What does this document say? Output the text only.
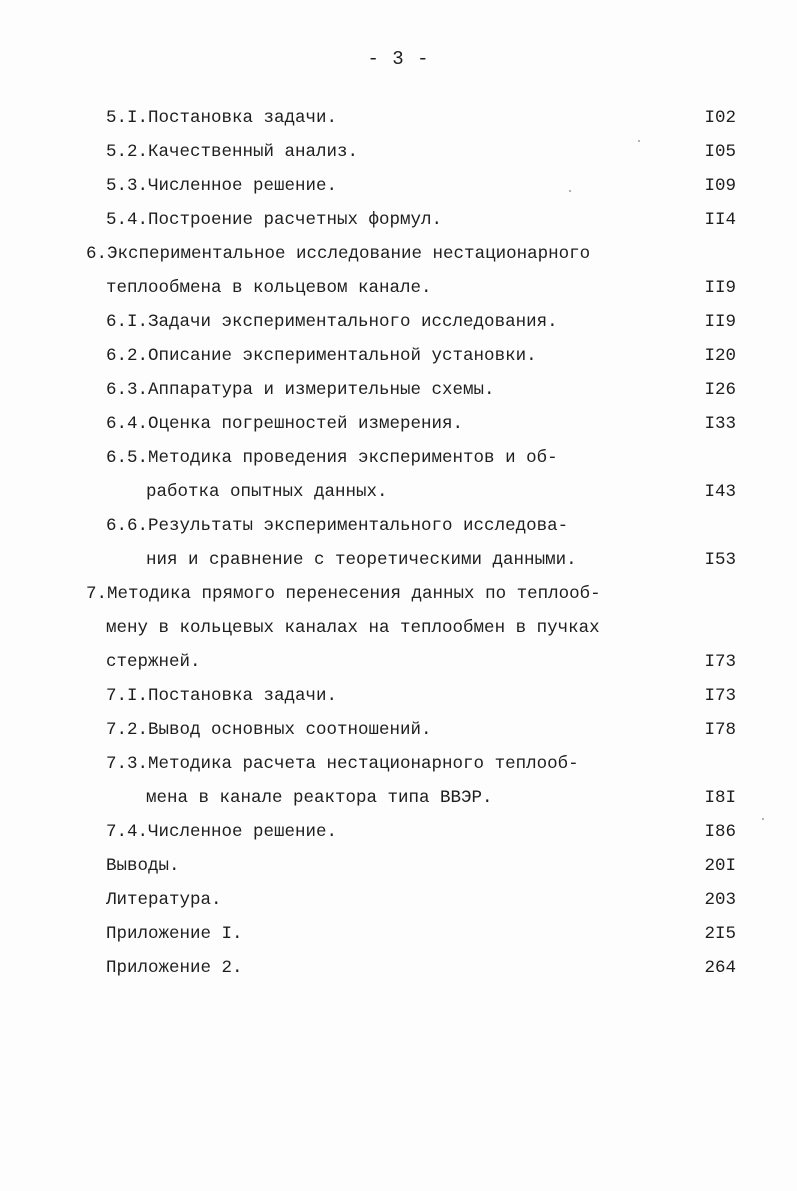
- 3 -
5.I.Постановка задачи.	I02
5.2.Качественный анализ.	I05
5.3.Численное решение.	I09
5.4.Построение расчетных формул.	II4
6.Экспериментальное исследование нестационарного
теплообмена в кольцевом канале.	II9
6.I.Задачи экспериментального исследования.	II9
6.2.Описание экспериментальной установки.	I20
6.3.Аппаратура и измерительные схемы.	I26
6.4.Оценка погрешностей измерения.	I33
6.5.Методика проведения экспериментов и об-
работка опытных данных.	I43
6.6.Результаты экспериментального исследова-
ния и сравнение с теоретическими данными.	I53
7.Методика прямого перенесения данных по теплооб-
мену в кольцевых каналах на теплообмен в пучках
стержней.	I73
7.I.Постановка задачи.	I73
7.2.Вывод основных соотношений.	I78
7.3.Методика расчета нестационарного теплооб-
мена в канале реактора типа ВВЭР.	I8I
7.4.Численное решение.	I86
Выводы.	20I
Литература.	203
Приложение I.	2I5
Приложение 2.	264
